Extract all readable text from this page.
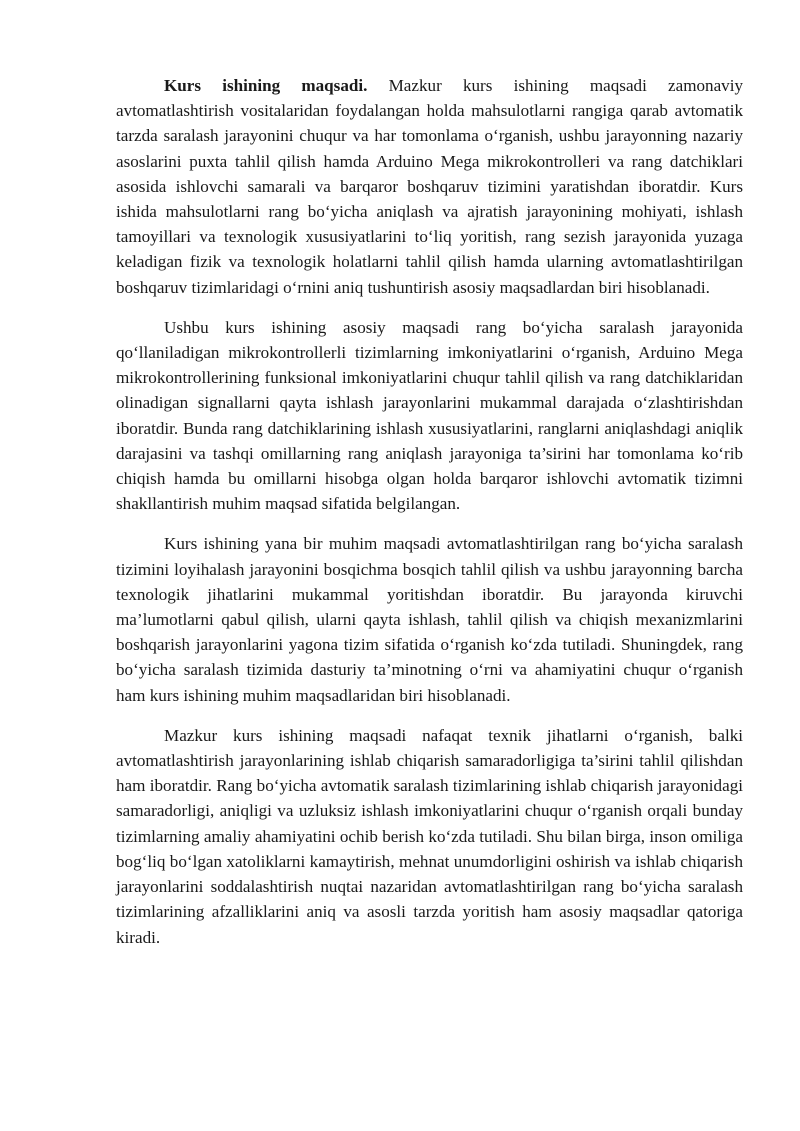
Kurs ishining maqsadi. Mazkur kurs ishining maqsadi zamonaviy avtomatlashtirish vositalaridan foydalangan holda mahsulotlarni rangiga qarab avtomatik tarzda saralash jarayonini chuqur va har tomonlama o‘rganish, ushbu jarayonning nazariy asoslarini puxta tahlil qilish hamda Arduino Mega mikrokontrolleri va rang datchiklari asosida ishlovchi samarali va barqaror boshqaruv tizimini yaratishdan iboratdir. Kurs ishida mahsulotlarni rang bo‘yicha aniqlash va ajratish jarayonining mohiyati, ishlash tamoyillari va texnologik xususiyatlarini to‘liq yoritish, rang sezish jarayonida yuzaga keladigan fizik va texnologik holatlarni tahlil qilish hamda ularning avtomatlashtirilgan boshqaruv tizimlaridagi o‘rnini aniq tushuntirish asosiy maqsadlardan biri hisoblanadi.

Ushbu kurs ishining asosiy maqsadi rang bo‘yicha saralash jarayonida qo‘llaniladigan mikrokontrollerli tizimlarning imkoniyatlarini o‘rganish, Arduino Mega mikrokontrollerining funksional imkoniyatlarini chuqur tahlil qilish va rang datchiklaridan olinadigan signallarni qayta ishlash jarayonlarini mukammal darajada o‘zlashtirishdan iboratdir. Bunda rang datchiklarining ishlash xususiyatlarini, ranglarni aniqlashdagi aniqlik darajasini va tashqi omillarning rang aniqlash jarayoniga ta’sirini har tomonlama ko‘rib chiqish hamda bu omillarni hisobga olgan holda barqaror ishlovchi avtomatik tizimni shakllantirish muhim maqsad sifatida belgilangan.

Kurs ishining yana bir muhim maqsadi avtomatlashtirilgan rang bo‘yicha saralash tizimini loyihalash jarayonini bosqichma bosqich tahlil qilish va ushbu jarayonning barcha texnologik jihatlarini mukammal yoritishdan iboratdir. Bu jarayonda kiruvchi ma’lumotlarni qabul qilish, ularni qayta ishlash, tahlil qilish va chiqish mexanizmlarini boshqarish jarayonlarini yagona tizim sifatida o‘rganish ko‘zda tutiladi. Shuningdek, rang bo‘yicha saralash tizimida dasturiy ta’minotning o‘rni va ahamiyatini chuqur o‘rganish ham kurs ishining muhim maqsadlaridan biri hisoblanadi.

Mazkur kurs ishining maqsadi nafaqat texnik jihatlarni o‘rganish, balki avtomatlashtirish jarayonlarining ishlab chiqarish samaradorligiga ta’sirini tahlil qilishdan ham iboratdir. Rang bo‘yicha avtomatik saralash tizimlarining ishlab chiqarish jarayonidagi samaradorligi, aniqligi va uzluksiz ishlash imkoniyatlarini chuqur o‘rganish orqali bunday tizimlarning amaliy ahamiyatini ochib berish ko‘zda tutiladi. Shu bilan birga, inson omiliga bog‘liq bo‘lgan xatoliklarni kamaytirish, mehnat unumdorligini oshirish va ishlab chiqarish jarayonlarini soddalashtirish nuqtai nazaridan avtomatlashtirilgan rang bo‘yicha saralash tizimlarining afzalliklarini aniq va asosli tarzda yoritish ham asosiy maqsadlar qatoriga kiradi.
